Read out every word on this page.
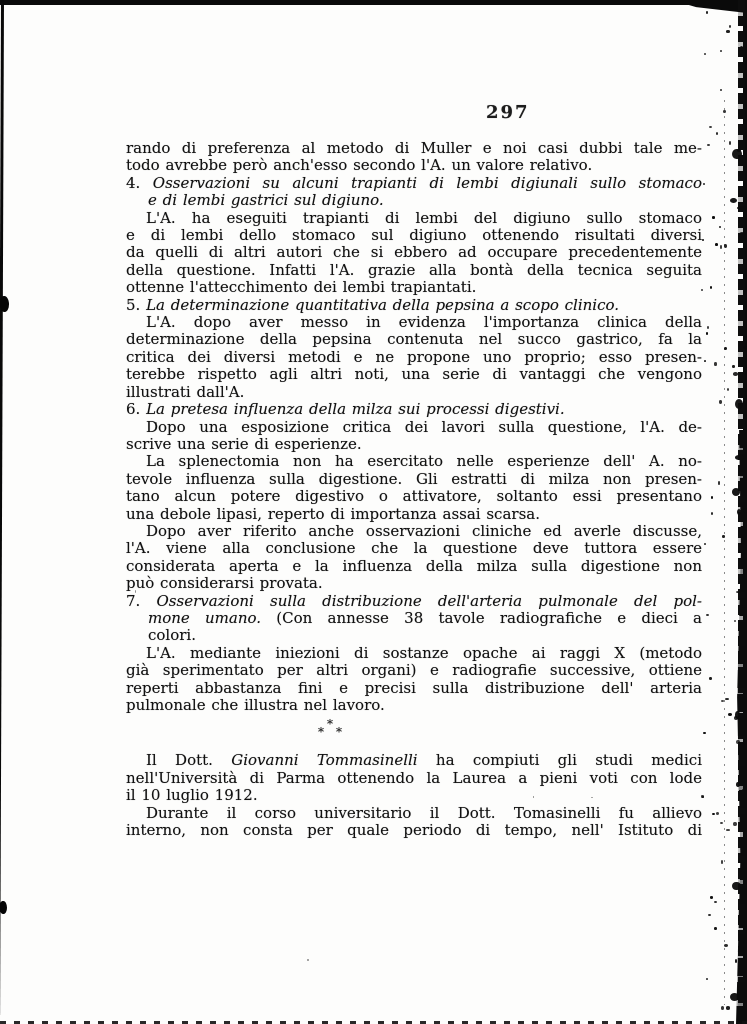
297
rando di preferenza al metodo di Muller e noi casi dubbi tale me-
todo avrebbe però anch'esso secondo l'A. un valore relativo.
4. Osservazioni su alcuni trapianti di lembi digiunali sullo stomaco
e di lembi gastrici sul digiuno.
L'A. ha eseguiti trapianti di lembi del digiuno sullo stomaco
e di lembi dello stomaco sul digiuno ottenendo risultati diversi
da quelli di altri autori che si ebbero ad occupare precedentemente
della questione. Infatti l'A. grazie alla bontà della tecnica seguita
ottenne l'attecchimento dei lembi trapiantati.
5. La determinazione quantitativa della pepsina a scopo clinico.
L'A. dopo aver messo in evidenza l'importanza clinica della
determinazione della pepsina contenuta nel succo gastrico, fa la
critica dei diversi metodi e ne propone uno proprio; esso presen-
terebbe rispetto agli altri noti, una serie di vantaggi che vengono
illustrati dall'A.
6. La pretesa influenza della milza sui processi digestivi.
Dopo una esposizione critica dei lavori sulla questione, l'A. de-
scrive una serie di esperienze.
La splenectomia non ha esercitato nelle esperienze dell' A. no-
tevole influenza sulla digestione. Gli estratti di milza non presen-
tano alcun potere digestivo o attivatore, soltanto essi presentano
una debole lipasi, reperto di importanza assai scarsa.
Dopo aver riferito anche osservazioni cliniche ed averle discusse,
l'A. viene alla conclusione che la questione deve tuttora essere
considerata aperta e la influenza della milza sulla digestione non
può considerarsi provata.
7. Osservazioni sulla distribuzione dell'arteria pulmonale del pol-
mone umano. (Con annesse 38 tavole radiografiche e dieci a
colori.
L'A. mediante iniezioni di sostanze opache ai raggi X (metodo
già sperimentato per altri organi) e radiografie successive, ottiene
reperti abbastanza fini e precisi sulla distribuzione dell' arteria
pulmonale che illustra nel lavoro.
*
* *
Il Dott. Giovanni Tommasinelli ha compiuti gli studi medici
nell'Università di Parma ottenendo la Laurea a pieni voti con lode
il 10 luglio 1912.
Durante il corso universitario il Dott. Tomasinelli fu allievo
interno, non consta per quale periodo di tempo, nell' Istituto di
